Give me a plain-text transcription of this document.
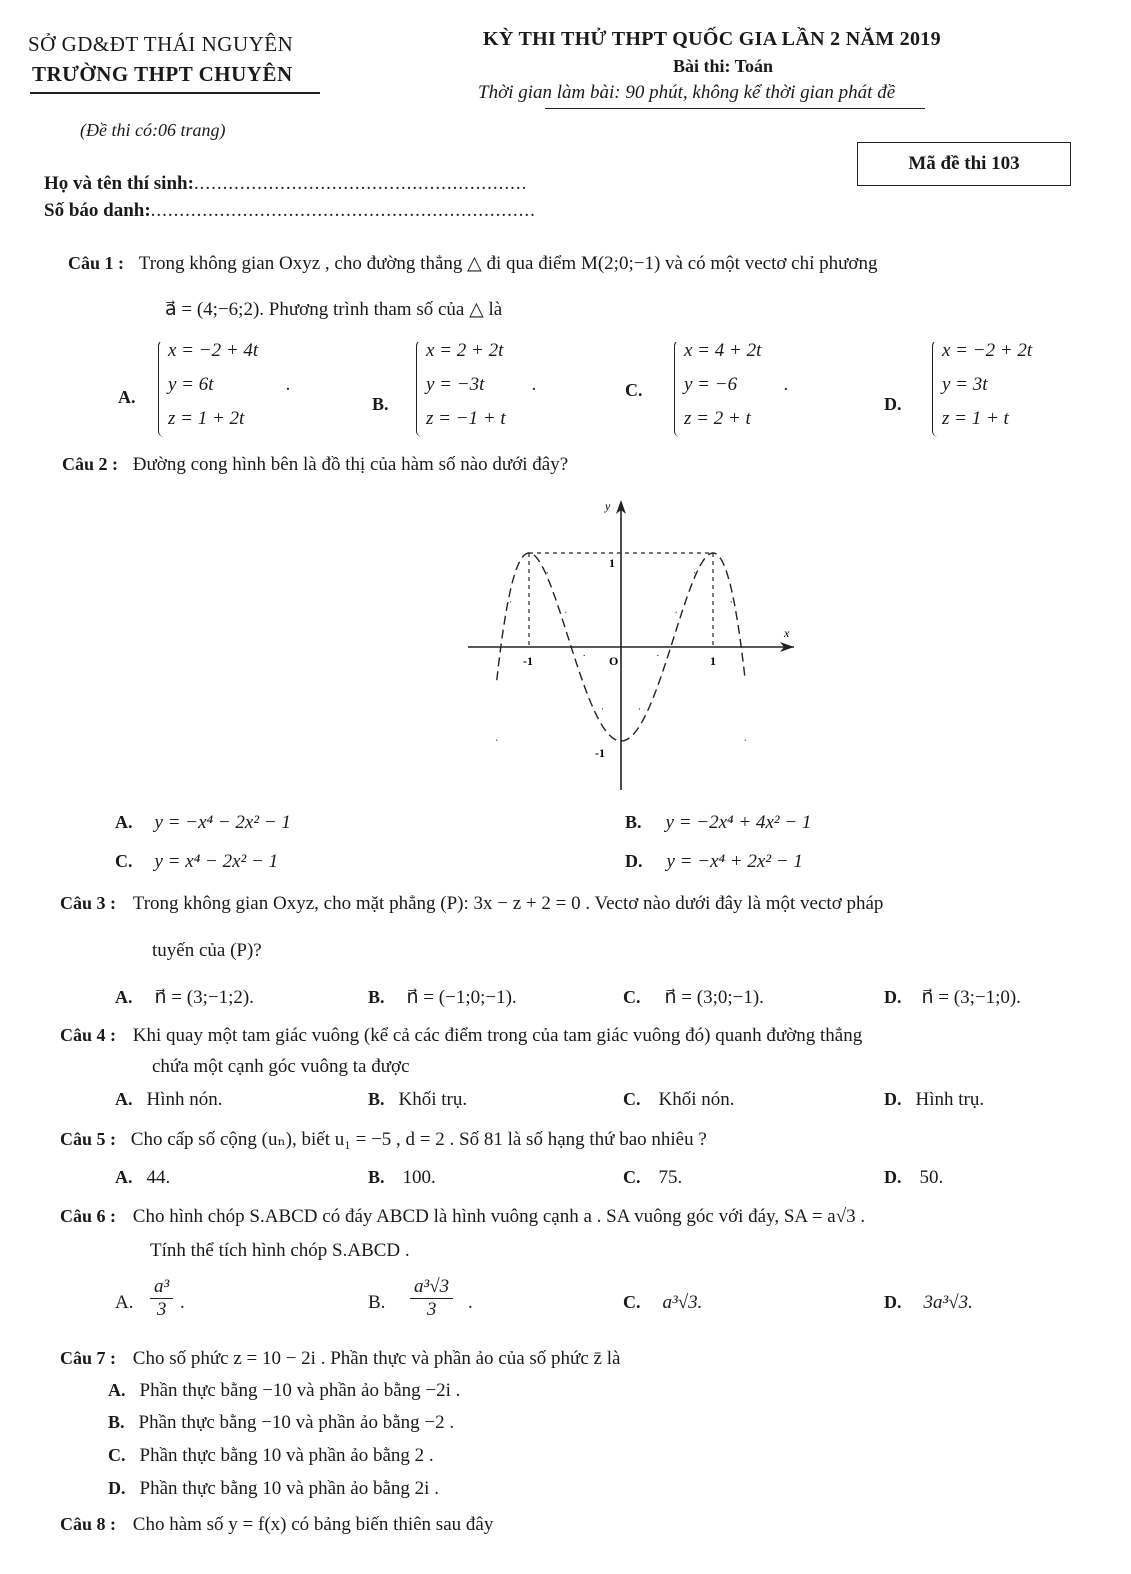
SỞ GD&ĐT THÁI NGUYÊN
TRƯỜNG THPT CHUYÊN
KỲ THI THỬ THPT QUỐC GIA LẦN 2 NĂM 2019
Bài thi: Toán
Thời gian làm bài: 90 phút, không kể thời gian phát đề
(Đề thi có:06 trang)
Mã đề thi 103
Họ và tên thí sinh:..........................................................
Số báo danh:...................................................................
Câu 1 : Trong không gian Oxyz , cho đường thẳng △ đi qua điểm M(2;0;−1) và có một vectơ chỉ phương
a⃗ = (4;−6;2). Phương trình tham số của △ là
A.
x = −2 + 4t
y = 6t
z = 1 + 2t
.
B.
x = 2 + 2t
y = −3t
z = −1 + t
.	C.
x = 4 + 2t
y = −6
z = 2 + t
.
D.
x = −2 + 2t
y = 3t
z = 1 + t
Câu 2 : Đường cong hình bên là đồ thị của hàm số nào dưới đây?
y
x
-1	O	1
1
-1
A. y = −x⁴ − 2x² − 1	B. y = −2x⁴ + 4x² − 1
C. y = x⁴ − 2x² − 1	D. y = −x⁴ + 2x² − 1
Câu 3 : Trong không gian Oxyz, cho mặt phẳng (P): 3x − z + 2 = 0 . Vectơ nào dưới đây là một vectơ pháp
tuyến của (P)?
A. n⃗ = (3;−1;2).	B. n⃗ = (−1;0;−1).	C. n⃗ = (3;0;−1).	D. n⃗ = (3;−1;0).
Câu 4 : Khi quay một tam giác vuông (kể cả các điểm trong của tam giác vuông đó) quanh đường thẳng
chứa một cạnh góc vuông ta được
A. Hình nón.	B. Khối trụ.	C. Khối nón.	D. Hình trụ.
Câu 5 : Cho cấp số cộng (uₙ), biết u₁ = −5 , d = 2 . Số 81 là số hạng thứ bao nhiêu ?
A. 44.	B. 100.	C. 75.	D. 50.
Câu 6 : Cho hình chóp S.ABCD có đáy ABCD là hình vuông cạnh a . SA vuông góc với đáy, SA = a√3 .
Tính thể tích hình chóp S.ABCD .
A. $\frac{\text{a³}}{3}$ .	B. $\frac{\text{a³√3}}{3}$ .	C. a³√3.	D. 3a³√3.
Câu 7 : Cho số phức z = 10 − 2i . Phần thực và phần ảo của số phức z̄ là
A. Phần thực bằng −10 và phần ảo bằng −2i .
B. Phần thực bằng −10 và phần ảo bằng −2 .
C. Phần thực bằng 10 và phần ảo bằng 2 .
D. Phần thực bằng 10 và phần ảo bằng 2i .
Câu 8 : Cho hàm số y = f(x) có bảng biến thiên sau đây
